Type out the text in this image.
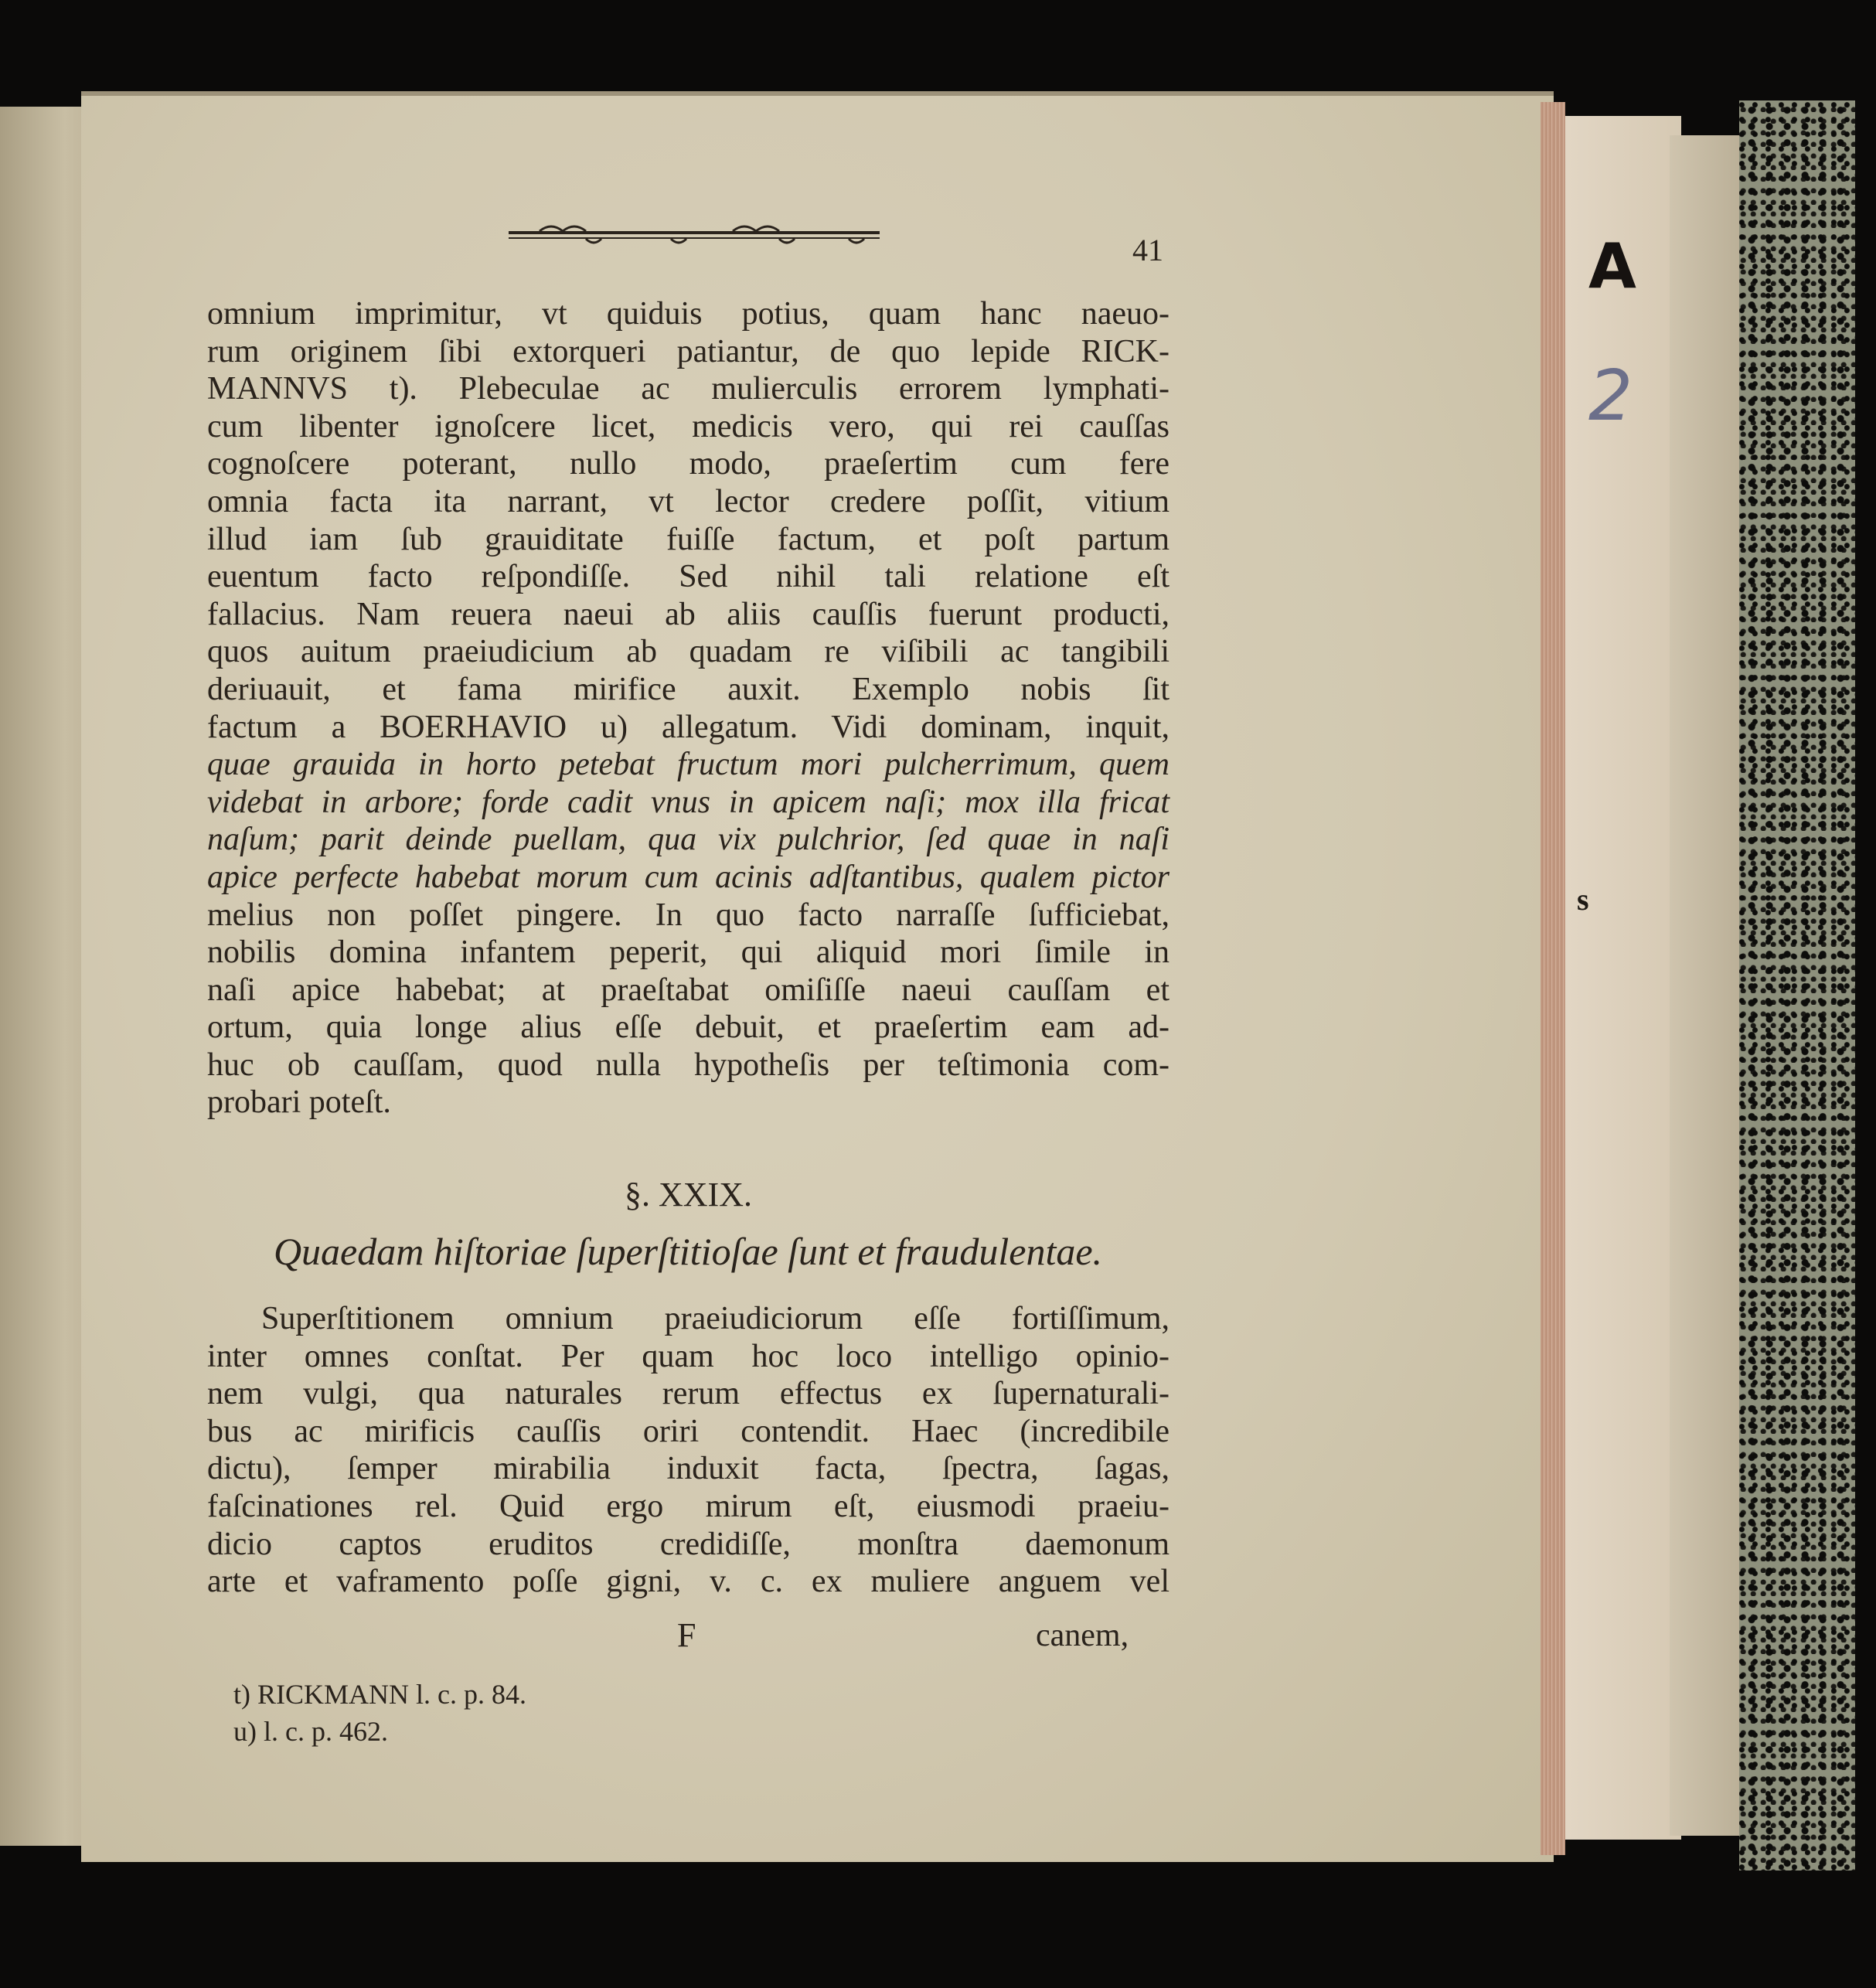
A
2
s
41
omnium imprimitur, vt quiduis potius, quam hanc naeuo-
rum originem ſibi extorqueri patiantur, de quo lepide RICK-
MANNVS t). Plebeculae ac mulierculis errorem lymphati-
cum libenter ignoſcere licet, medicis vero, qui rei cauſſas
cognoſcere poterant, nullo modo, praeſertim cum fere
omnia facta ita narrant, vt lector credere poſſit, vitium
illud iam ſub grauiditate fuiſſe factum, et poſt partum
euentum facto reſpondiſſe. Sed nihil tali relatione eſt
fallacius. Nam reuera naeui ab aliis cauſſis fuerunt producti,
quos auitum praeiudicium ab quadam re viſibili ac tangibili
deriuauit, et fama mirifice auxit. Exemplo nobis ſit
factum a BOERHAVIO u) allegatum. Vidi dominam, inquit,
quae grauida in horto petebat fructum mori pulcherrimum, quem
videbat in arbore; forde cadit vnus in apicem naſi; mox illa fricat
naſum; parit deinde puellam, qua vix pulchrior, ſed quae in naſi
apice perfecte habebat morum cum acinis adſtantibus, qualem pictor
melius non poſſet pingere. In quo facto narraſſe ſufficiebat,
nobilis domina infantem peperit, qui aliquid mori ſimile in
naſi apice habebat; at praeſtabat omiſiſſe naeui cauſſam et
ortum, quia longe alius eſſe debuit, et praeſertim eam ad-
huc ob cauſſam, quod nulla hypotheſis per teſtimonia com-
probari poteſt.
§. XXIX.
Quaedam hiſtoriae ſuperſtitioſae ſunt et fraudulentae.
Superſtitionem omnium praeiudiciorum eſſe fortiſſimum,
inter omnes conſtat. Per quam hoc loco intelligo opinio-
nem vulgi, qua naturales rerum effectus ex ſupernaturali-
bus ac mirificis cauſſis oriri contendit. Haec (incredibile
dictu), ſemper mirabilia induxit facta, ſpectra, ſagas,
faſcinationes rel. Quid ergo mirum eſt, eiusmodi praeiu-
dicio captos eruditos credidiſſe, monſtra daemonum
arte et vaframento poſſe gigni, v. c. ex muliere anguem vel
F	canem,
t) RICKMANN l. c. p. 84.
u) l. c. p. 462.
